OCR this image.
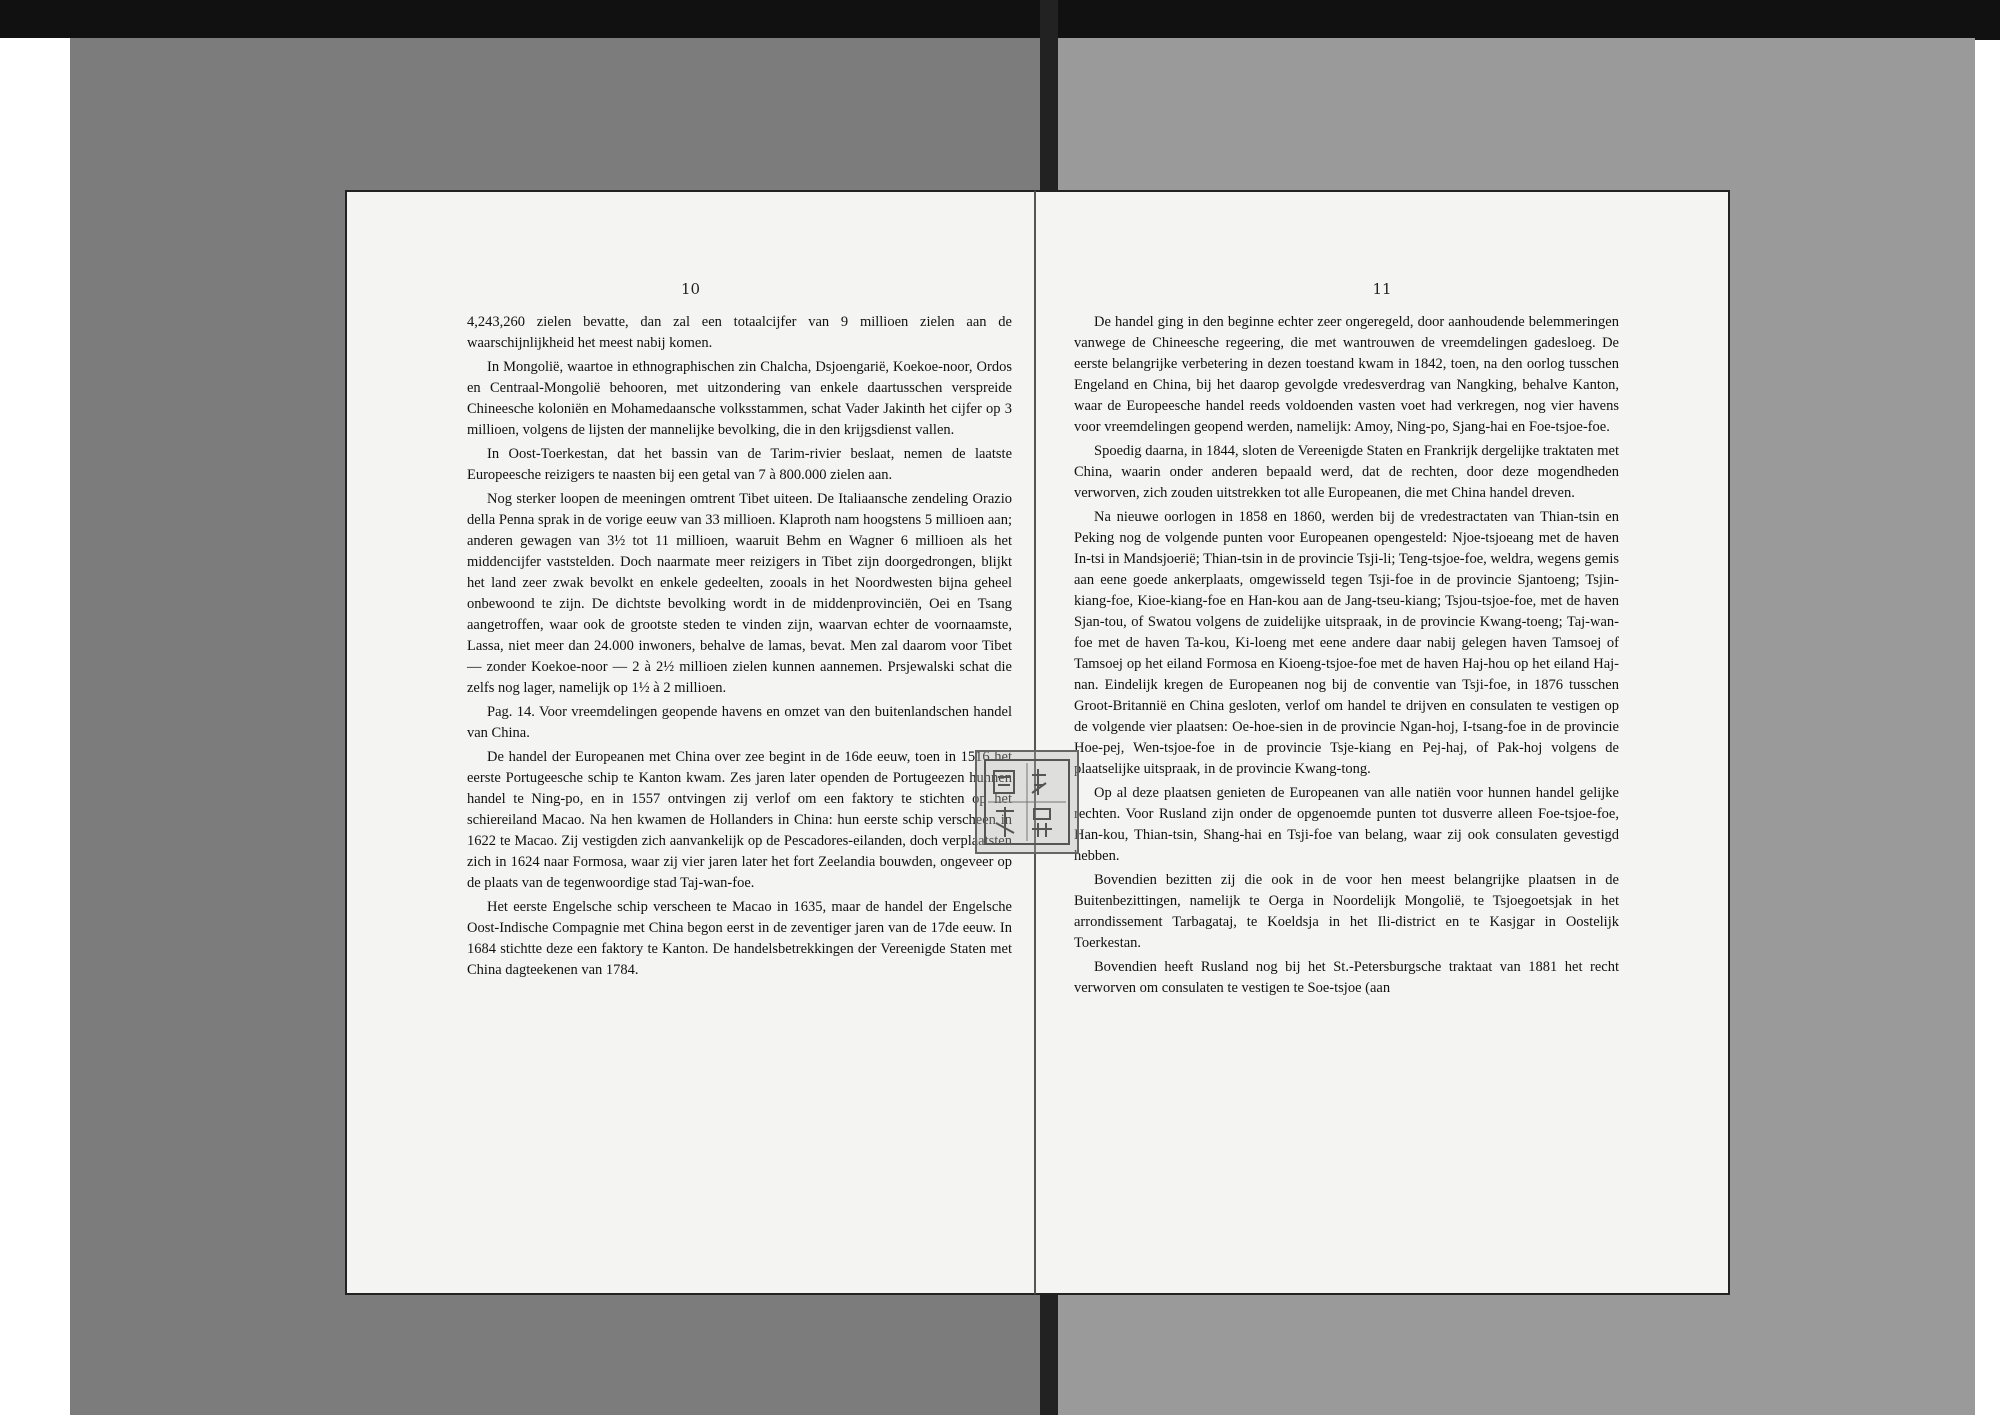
10

4,243,260 zielen bevatte, dan zal een totaalcijfer van 9 millioen zielen aan de waarschijnlijkheid het meest nabij komen.

In Mongolië, waartoe in ethnographischen zin Chalcha, Dsjoengarië, Koekoe-noor, Ordos en Centraal-Mongolië behooren, met uitzondering van enkele daartusschen verspreide Chineesche koloniën en Mohamedaansche volksstammen, schat Vader Jakinth het cijfer op 3 millioen, volgens de lijsten der mannelijke bevolking, die in den krijgsdienst vallen.

In Oost-Toerkestan, dat het bassin van de Tarim-rivier beslaat, nemen de laatste Europeesche reizigers te naasten bij een getal van 7 à 800.000 zielen aan.

Nog sterker loopen de meeningen omtrent Tibet uiteen. De Italiaansche zendeling Orazio della Penna sprak in de vorige eeuw van 33 millioen. Klaproth nam hoogstens 5 millioen aan; anderen gewagen van 3½ tot 11 millioen, waaruit Behm en Wagner 6 millioen als het middencijfer vaststelden. Doch naarmate meer reizigers in Tibet zijn doorgedrongen, blijkt het land zeer zwak bevolkt en enkele gedeelten, zooals in het Noordwesten bijna geheel onbewoond te zijn. De dichtste bevolking wordt in de middenprovinciën, Oei en Tsang aangetroffen, waar ook de grootste steden te vinden zijn, waarvan echter de voornaamste, Lassa, niet meer dan 24.000 inwoners, behalve de lamas, bevat. Men zal daarom voor Tibet — zonder Koekoe-noor — 2 à 2½ millioen zielen kunnen aannemen. Prsjewalski schat die zelfs nog lager, namelijk op 1½ à 2 millioen.

Pag. 14. Voor vreemdelingen geopende havens en omzet van den buitenlandschen handel van China.

De handel der Europeanen met China over zee begint in de 16de eeuw, toen in 1516 het eerste Portugeesche schip te Kanton kwam. Zes jaren later openden de Portugeezen hunnen handel te Ning-po, en in 1557 ontvingen zij verlof om een faktory te stichten op het schiereiland Macao. Na hen kwamen de Hollanders in China: hun eerste schip verscheen in 1622 te Macao. Zij vestigden zich aanvankelijk op de Pescadores-eilanden, doch verplaatsten zich in 1624 naar Formosa, waar zij vier jaren later het fort Zeelandia bouwden, ongeveer op de plaats van de tegenwoordige stad Taj-wan-foe.

Het eerste Engelsche schip verscheen te Macao in 1635, maar de handel der Engelsche Oost-Indische Compagnie met China begon eerst in de zeventiger jaren van de 17de eeuw. In 1684 stichtte deze een faktory te Kanton. De handelsbetrekkingen der Vereenigde Staten met China dagteekenen van 1784.

11

De handel ging in den beginne echter zeer ongeregeld, door aanhoudende belemmeringen vanwege de Chineesche regeering, die met wantrouwen de vreemdelingen gadesloeg. De eerste belangrijke verbetering in dezen toestand kwam in 1842, toen, na den oorlog tusschen Engeland en China, bij het daarop gevolgde vredesverdrag van Nangking, behalve Kanton, waar de Europeesche handel reeds voldoenden vasten voet had verkregen, nog vier havens voor vreemdelingen geopend werden, namelijk: Amoy, Ning-po, Sjang-hai en Foe-tsjoe-foe.

Spoedig daarna, in 1844, sloten de Vereenigde Staten en Frankrijk dergelijke traktaten met China, waarin onder anderen bepaald werd, dat de rechten, door deze mogendheden verworven, zich zouden uitstrekken tot alle Europeanen, die met China handel dreven.

Na nieuwe oorlogen in 1858 en 1860, werden bij de vredestractaten van Thian-tsin en Peking nog de volgende punten voor Europeanen opengesteld: Njoe-tsjoeang met de haven In-tsi in Mandsjoerië; Thian-tsin in de provincie Tsji-li; Teng-tsjoe-foe, weldra, wegens gemis aan eene goede ankerplaats, omgewisseld tegen Tsji-foe in de provincie Sjantoeng; Tsjin-kiang-foe, Kioe-kiang-foe en Han-kou aan de Jang-tseu-kiang; Tsjou-tsjoe-foe, met de haven Sjan-tou, of Swatou volgens de zuidelijke uitspraak, in de provincie Kwang-toeng; Taj-wan-foe met de haven Ta-kou, Ki-loeng met eene andere daar nabij gelegen haven Tamsoej of Tamsoej op het eiland Formosa en Kioeng-tsjoe-foe met de haven Haj-hou op het eiland Haj-nan. Eindelijk kregen de Europeanen nog bij de conventie van Tsji-foe, in 1876 tusschen Groot-Britannië en China gesloten, verlof om handel te drijven en consulaten te vestigen op de volgende vier plaatsen: Oe-hoe-sien in de provincie Ngan-hoj, I-tsang-foe in de provincie Hoe-pej, Wen-tsjoe-foe in de provincie Tsje-kiang en Pej-haj, of Pak-hoj volgens de plaatselijke uitspraak, in de provincie Kwang-tong.

Op al deze plaatsen genieten de Europeanen van alle natiën voor hunnen handel gelijke rechten. Voor Rusland zijn onder de opgenoemde punten tot dusverre alleen Foe-tsjoe-foe, Han-kou, Thian-tsin, Shang-hai en Tsji-foe van belang, waar zij ook consulaten gevestigd hebben.

Bovendien bezitten zij die ook in de voor hen meest belangrijke plaatsen in de Buitenbezittingen, namelijk te Oerga in Noordelijk Mongolië, te Tsjoegoetsjak in het arrondissement Tarbagataj, te Koeldsja in het Ili-district en te Kasjgar in Oostelijk Toerkestan.

Bovendien heeft Rusland nog bij het St.-Petersburgsche traktaat van 1881 het recht verworven om consulaten te vestigen te Soe-tsjoe (aan
